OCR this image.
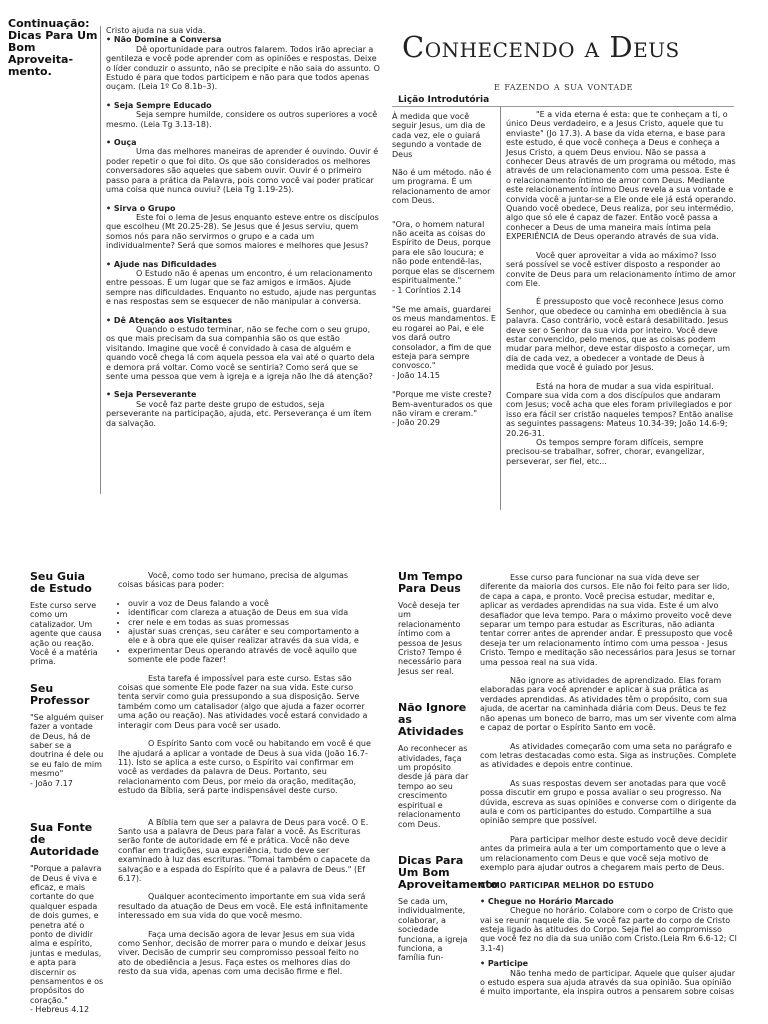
Continuação: Dicas Para Um Bom Aproveita-mento.
Cristo ajuda na sua vida.
• Não Domine a Conversa

Dê oportunidade para outros falarem. Todos irão apreciar a gentileza e você pode aprender com as opiniões e respostas. Deixe o líder conduzir o assunto, não se precipite e não saia do assunto. O Estudo é para que todos participem e não para que todos apenas ouçam. (Leia 1º Co 8.1b–3).

• Seja Sempre Educado

Seja sempre humilde, considere os outros superiores a você mesmo. (Leia Tg 3.13-18).

• Ouça

Uma das melhores maneiras de aprender é ouvindo. Ouvir é poder repetir o que foi dito. Os que são considerados os melhores conversadores são aqueles que sabem ouvir. Ouvir é o primeiro passo para a prática da Palavra, pois como você vai poder praticar uma coisa que nunca ouviu? (Leia Tg 1.19-25).

• Sirva o Grupo

Este foi o lema de Jesus enquanto esteve entre os discípulos que escolheu (Mt 20.25-28). Se Jesus que é Jesus serviu, quem somos nós para não servirmos o grupo e a cada um individualmente? Será que somos maiores e melhores que Jesus?

• Ajude nas Dificuldades

O Estudo não é apenas um encontro, é um relacionamento entre pessoas. É um lugar que se faz amigos e irmãos. Ajude sempre nas dificuldades. Enquanto no estudo, ajude nas perguntas e nas respostas sem se esquecer de não manipular a conversa.

• Dê Atenção aos Visitantes

Quando o estudo terminar, não se feche com o seu grupo, os que mais precisam da sua companhia são os que estão visitando. Imagine que você é convidado à casa de alguém e quando você chega lá com aquela pessoa ela vai até o quarto dela e demora prá voltar. Como você se sentiria? Como será que se sente uma pessoa que vem à igreja e a igreja não lhe dá atenção?

• Seja Perseverante

Se você faz parte deste grupo de estudos, seja perseverante na participação, ajuda, etc. Perseverança é um ítem da salvação.

Conhecendo a Deus
e fazendo a sua vontade
Lição Introdutória

À medida que você seguir Jesus, um dia de cada vez, ele o guiará segundo a vontade de Deus

Não é um método. não é um programa. É um relacionamento de amor com Deus.

"Ora, o homem natural não aceita as coisas do Espírito de Deus, porque para ele são loucura; e não pode entendê-las, porque elas se discernem espiritualmente."

- 1 Coríntios 2.14

"Se me amais, guardarei os meus mandamentos. E eu rogarei ao Pai, e ele vos dará outro consolador, a fim de que esteja para sempre convosco."

- João 14.15

"Porque me viste creste? Bem-aventurados os que não viram e creram."

- João 20.29

"E a vida eterna é esta: que te conheçam a ti, o único Deus verdadeiro, e a Jesus Cristo, aquele que tu enviaste" (Jo 17.3). A base da vida eterna, e base para este estudo, é que você conheça a Deus e conheça a Jesus Cristo, a quem Deus enviou. Não se passa a conhecer Deus através de um programa ou método, mas através de um relacionamento com uma pessoa. Este é o relacionamento íntimo de amor com Deus. Mediante este relacionamento íntimo Deus revela a sua vontade e convida você a juntar-se a Ele onde ele já está operando. Quando você obedece, Deus realiza, por seu intermédio, algo que só ele é capaz de fazer. Então você passa a conhecer a Deus de uma maneira mais íntima pela EXPERIÊNCIA de Deus operando através de sua vida.

Você quer aproveitar a vida ao máximo? Isso será possível se você estiver disposto a responder ao convite de Deus para um relacionamento íntimo de amor com Ele.

É pressuposto que você reconhece Jesus como Senhor, que obedece ou caminha em obediência à sua palavra. Caso contrário, você estará desabilitado. Jesus deve ser o Senhor da sua vida por inteiro. Você deve estar convencido, pelo menos, que as coisas podem mudar para melhor, deve estar disposto a começar, um dia de cada vez, a obedecer a vontade de Deus à medida que você é guiado por Jesus.

Está na hora de mudar a sua vida espiritual. Compare sua vida com a dos discípulos que andaram com Jesus; você acha que eles foram privilegiados e por isso era fácil ser cristão naqueles tempos? Então analise as seguintes passagens: Mateus 10.34-39; João 14.6-9; 20.26-31.

Os tempos sempre foram difíceis, sempre precisou-se trabalhar, sofrer, chorar, evangelizar, perseverar, ser fiel, etc...

Seu Guia de Estudo
Este curso serve como um catalizador. Um agente que causa ação ou reação. Você é a matéria prima.
Seu Professor
"Se alguém quiser fazer a vontade de Deus, há de saber se a doutrina é dele ou se eu falo de mim mesmo"
- João 7.17
Sua Fonte de Autoridade
"Porque a palavra de Deus é viva e eficaz, e mais cortante do que qualquer espada de dois gumes, e penetra até o ponto de dividir alma e espírito, juntas e medulas, e apta para discernir os pensamentos e os propósitos do coração."
- Hebreus 4.12

Você, como todo ser humano, precisa de algumas coisas básicas para poder:

• ouvir a voz de Deus falando a você
• identificar com clareza a atuação de Deus em sua vida
• crer nele e em todas as suas promessas
• ajustar suas crenças, seu caráter e seu comportamento a ele e à obra que ele quiser realizar através da sua vida, e
• experimentar Deus operando através de você aquilo que somente ele pode fazer!

Esta tarefa é impossível para este curso. Estas são coisas que somente Ele pode fazer na sua vida. Este curso tenta servir como guia pressupondo a sua disposição. Serve também como um catalisador (algo que ajuda a fazer ocorrer uma ação ou reação). Nas atividades você estará convidado a interagir com Deus para você ser usado.

O Espírito Santo com você ou habitando em você é que lhe ajudará a aplicar a vontade de Deus à sua vida (João 16.7-11). Isto se aplica a este curso, o Espírito vai confirmar em você as verdades da palavra de Deus. Portanto, seu relacionamento com Deus, por meio da oração, meditação, estudo da Bíblia, será parte indispensável deste curso.

A Bíblia tem que ser a palavra de Deus para você. O E. Santo usa a palavra de Deus para falar a você. As Escrituras serão fonte de autoridade em fé e prática. Você não deve confiar em tradições, sua experiência, tudo deve ser examinado à luz das escrituras. "Tomai também o capacete da salvação e a espada do Espírito que é a palavra de Deus." (Ef 6.17).

Qualquer acontecimento importante em sua vida será resultado da atuação de Deus em você. Ele está infinitamente interessado em sua vida do que você mesmo.

Faça uma decisão agora de levar Jesus em sua vida como Senhor, decisão de morrer para o mundo e deixar Jesus viver. Decisão de cumprir seu compromisso pessoal feito no ato de obediência a Jesus. Faça estes os melhores dias do resto da sua vida, apenas com uma decisão firme e fiel.

Um Tempo Para Deus
Você deseja ter um relacionamento íntimo com a pessoa de Jesus Cristo? Tempo é necessário para Jesus ser real.
Não Ignore as Atividades
Ao reconhecer as atividades, faça um propósito desde já para dar tempo ao seu crescimento espiritual e relacionamento com Deus.
Dicas Para Um Bom Aproveitamento
Se cada um, individualmente, colaborar, a sociedade funciona, a igreja funciona, a família fun-

Esse curso para funcionar na sua vida deve ser diferente da maioria dos cursos. Ele não foi feito para ser lido, de capa a capa, e pronto. Você precisa estudar, meditar e, aplicar as verdades aprendidas na sua vida. Este é um alvo desafiador que leva tempo. Para o máximo proveito você deve separar um tempo para estudar as Escrituras, não adianta tentar correr antes de aprender andar. É pressuposto que você deseja ter um relacionamento íntimo com uma pessoa - Jesus Cristo. Tempo e meditação são necessários para Jesus se tornar uma pessoa real na sua vida.

Não ignore as atividades de aprendizado. Elas foram elaboradas para você aprender e aplicar à sua prática as verdades aprendidas. As atividades têm o propósito, com sua ajuda, de acertar na caminhada diária com Deus. Deus te fez não apenas um boneco de barro, mas um ser vivente com alma e capaz de portar o Espírito Santo em você.

As atividades começarão com uma seta no parágrafo e com letras destacadas como esta. Siga as instruções. Complete as atividades e depois entre continue.

As suas respostas devem ser anotadas para que você possa discutir em grupo e possa avaliar o seu progresso. Na dúvida, escreva as suas opiniões e converse com o dirigente da aula e com os participantes do estudo. Compartilhe a sua opinião sempre que possível.

Para participar melhor deste estudo você deve decidir antes da primeira aula a ter um comportamento que o leve a um relacionamento com Deus e que você seja motivo de exemplo para ajudar outros a chegarem mais perto de Deus.

COMO PARTICIPAR MELHOR DO ESTUDO
• Chegue no Horário Marcado

Chegue no horário. Colabore com o corpo de Cristo que vai se reunir naquele dia. Se você faz parte do corpo de Cristo esteja ligado às atitudes do Corpo. Seja fiel ao compromisso que você fez no dia da sua união com Cristo.(Leia Rm 6.6-12; Cl 3.1-4)

• Participe

Não tenha medo de participar. Aquele que quiser ajudar o estudo espera sua ajuda através da sua opinião. Sua opinião é muito importante, ela inspira outros a pensarem sobre coisas
